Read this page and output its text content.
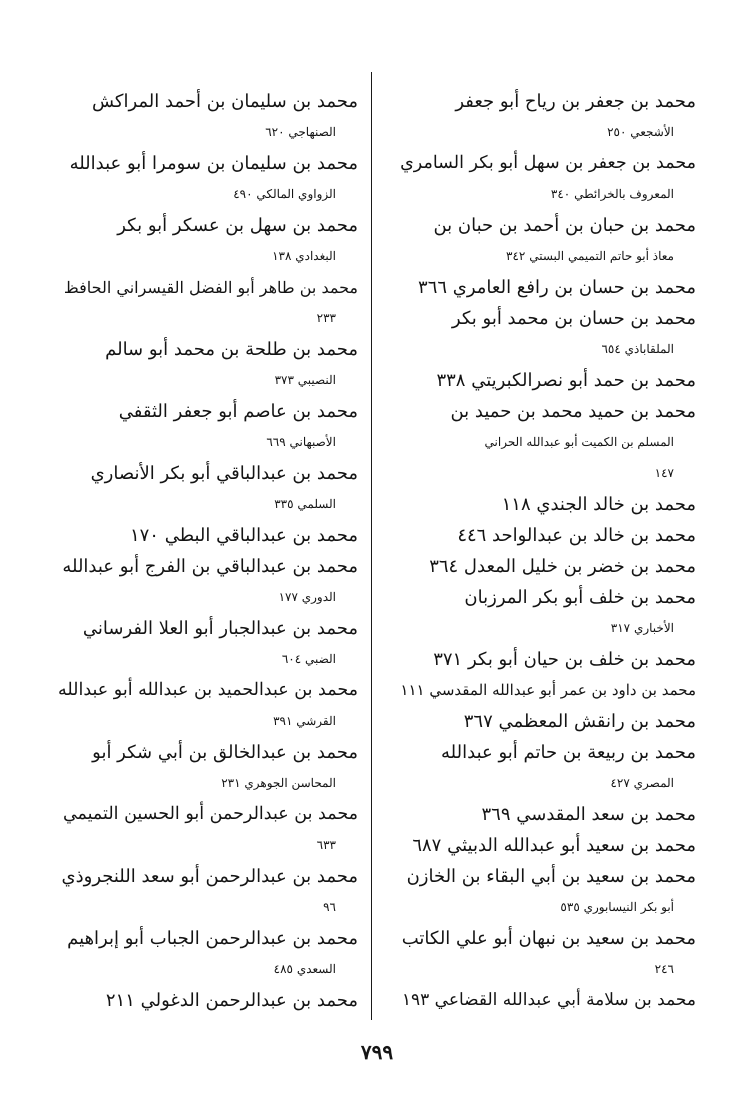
محمد بن جعفر بن رياح أبو جعفر
الأشجعي ٢٥٠
محمد بن جعفر بن سهل أبو بكر السامري
المعروف بالخرائطي ٣٤٠
محمد بن حبان بن أحمد بن حبان بن
معاذ أبو حاتم التميمي البستي ٣٤٢
محمد بن حسان بن رافع العامري ٣٦٦
محمد بن حسان بن محمد أبو بكر
الملقاباذي ٦٥٤
محمد بن حمد أبو نصرالكبريتي ٣٣٨
محمد بن حميد محمد بن حميد بن
المسلم بن الكميت أبو عبدالله الحراني
١٤٧
محمد بن خالد الجندي ١١٨
محمد بن خالد بن عبدالواحد ٤٤٦
محمد بن خضر بن خليل المعدل ٣٦٤
محمد بن خلف أبو بكر المرزبان
الأخباري ٣١٧
محمد بن خلف بن حيان أبو بكر ٣٧١
محمد بن داود بن عمر أبو عبدالله المقدسي ١١١
محمد بن رانقش المعظمي ٣٦٧
محمد بن ربيعة بن حاتم أبو عبدالله
المصري ٤٢٧
محمد بن سعد المقدسي ٣٦٩
محمد بن سعيد أبو عبدالله الدبيثي ٦٨٧
محمد بن سعيد بن أبي البقاء بن الخازن
أبو بكر النيسابوري ٥٣٥
محمد بن سعيد بن نبهان أبو علي الكاتب
٢٤٦
محمد بن سلامة أبي عبدالله القضاعي ١٩٣
محمد بن سليمان بن أحمد المراكش
الصنهاجي ٦٢٠
محمد بن سليمان بن سومرا أبو عبدالله
الزواوي المالكي ٤٩٠
محمد بن سهل بن عسكر أبو بكر
البغدادي ١٣٨
محمد بن طاهر أبو الفضل القيسراني الحافظ
٢٣٣
محمد بن طلحة بن محمد أبو سالم
النصيبي ٣٧٣
محمد بن عاصم أبو جعفر الثقفي
الأصبهاني ٦٦٩
محمد بن عبدالباقي أبو بكر الأنصاري
السلمي ٣٣٥
محمد بن عبدالباقي البطي ١٧٠
محمد بن عبدالباقي بن الفرج أبو عبدالله
الدوري ١٧٧
محمد بن عبدالجبار أبو العلا الفرساني
الضبي ٦٠٤
محمد بن عبدالحميد بن عبدالله أبو عبدالله
القرشي ٣٩١
محمد بن عبدالخالق بن أبي شكر أبو
المحاسن الجوهري ٢٣١
محمد بن عبدالرحمن أبو الحسين التميمي
٦٣٣
محمد بن عبدالرحمن أبو سعد اللنجروذي
٩٦
محمد بن عبدالرحمن الجباب أبو إبراهيم
السعدي ٤٨٥
محمد بن عبدالرحمن الدغولي ٢١١
٧٩٩
